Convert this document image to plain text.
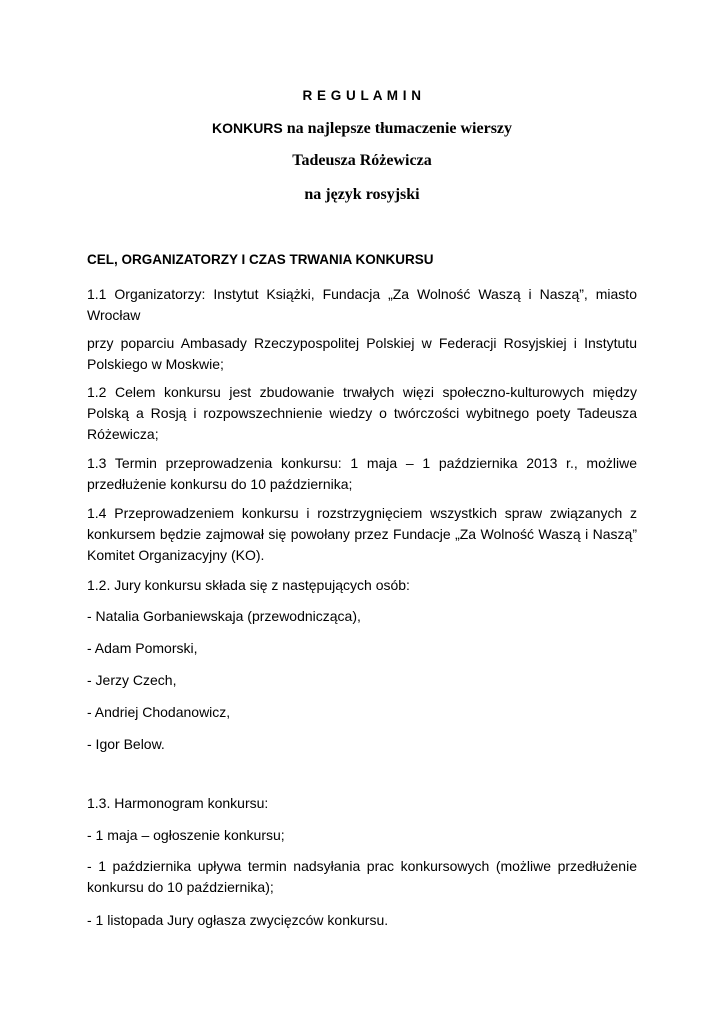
R E G U L A M I N
KONKURS na najlepsze tłumaczenie wierszy
Tadeusza Różewicza
na język rosyjski
CEL, ORGANIZATORZY I CZAS TRWANIA KONKURSU
1.1 Organizatorzy: Instytut Książki, Fundacja „Za Wolność Waszą i Naszą”, miasto Wrocław
przy poparciu Ambasady Rzeczypospolitej Polskiej w Federacji Rosyjskiej i Instytutu Polskiego w Moskwie;
1.2 Celem konkursu jest zbudowanie trwałych więzi społeczno-kulturowych między Polską a Rosją i rozpowszechnienie wiedzy o twórczości wybitnego poety Tadeusza Różewicza;
1.3 Termin przeprowadzenia konkursu: 1 maja – 1 października 2013 r., możliwe przedłużenie konkursu do 10 października;
1.4 Przeprowadzeniem konkursu i rozstrzygnięciem wszystkich spraw związanych z konkursem będzie zajmował się powołany przez Fundacje „Za Wolność Waszą i Naszą” Komitet Organizacyjny (KO).
1.2. Jury konkursu składa się z następujących osób:
- Natalia Gorbaniewskaja (przewodnicząca),
- Adam Pomorski,
- Jerzy Czech,
- Andriej Chodanowicz,
- Igor Below.
1.3. Harmonogram konkursu:
- 1 maja – ogłoszenie konkursu;
- 1 października upływa termin nadsyłania prac konkursowych (możliwe przedłużenie konkursu do 10 października);
- 1 listopada Jury ogłasza zwycięzców konkursu.
